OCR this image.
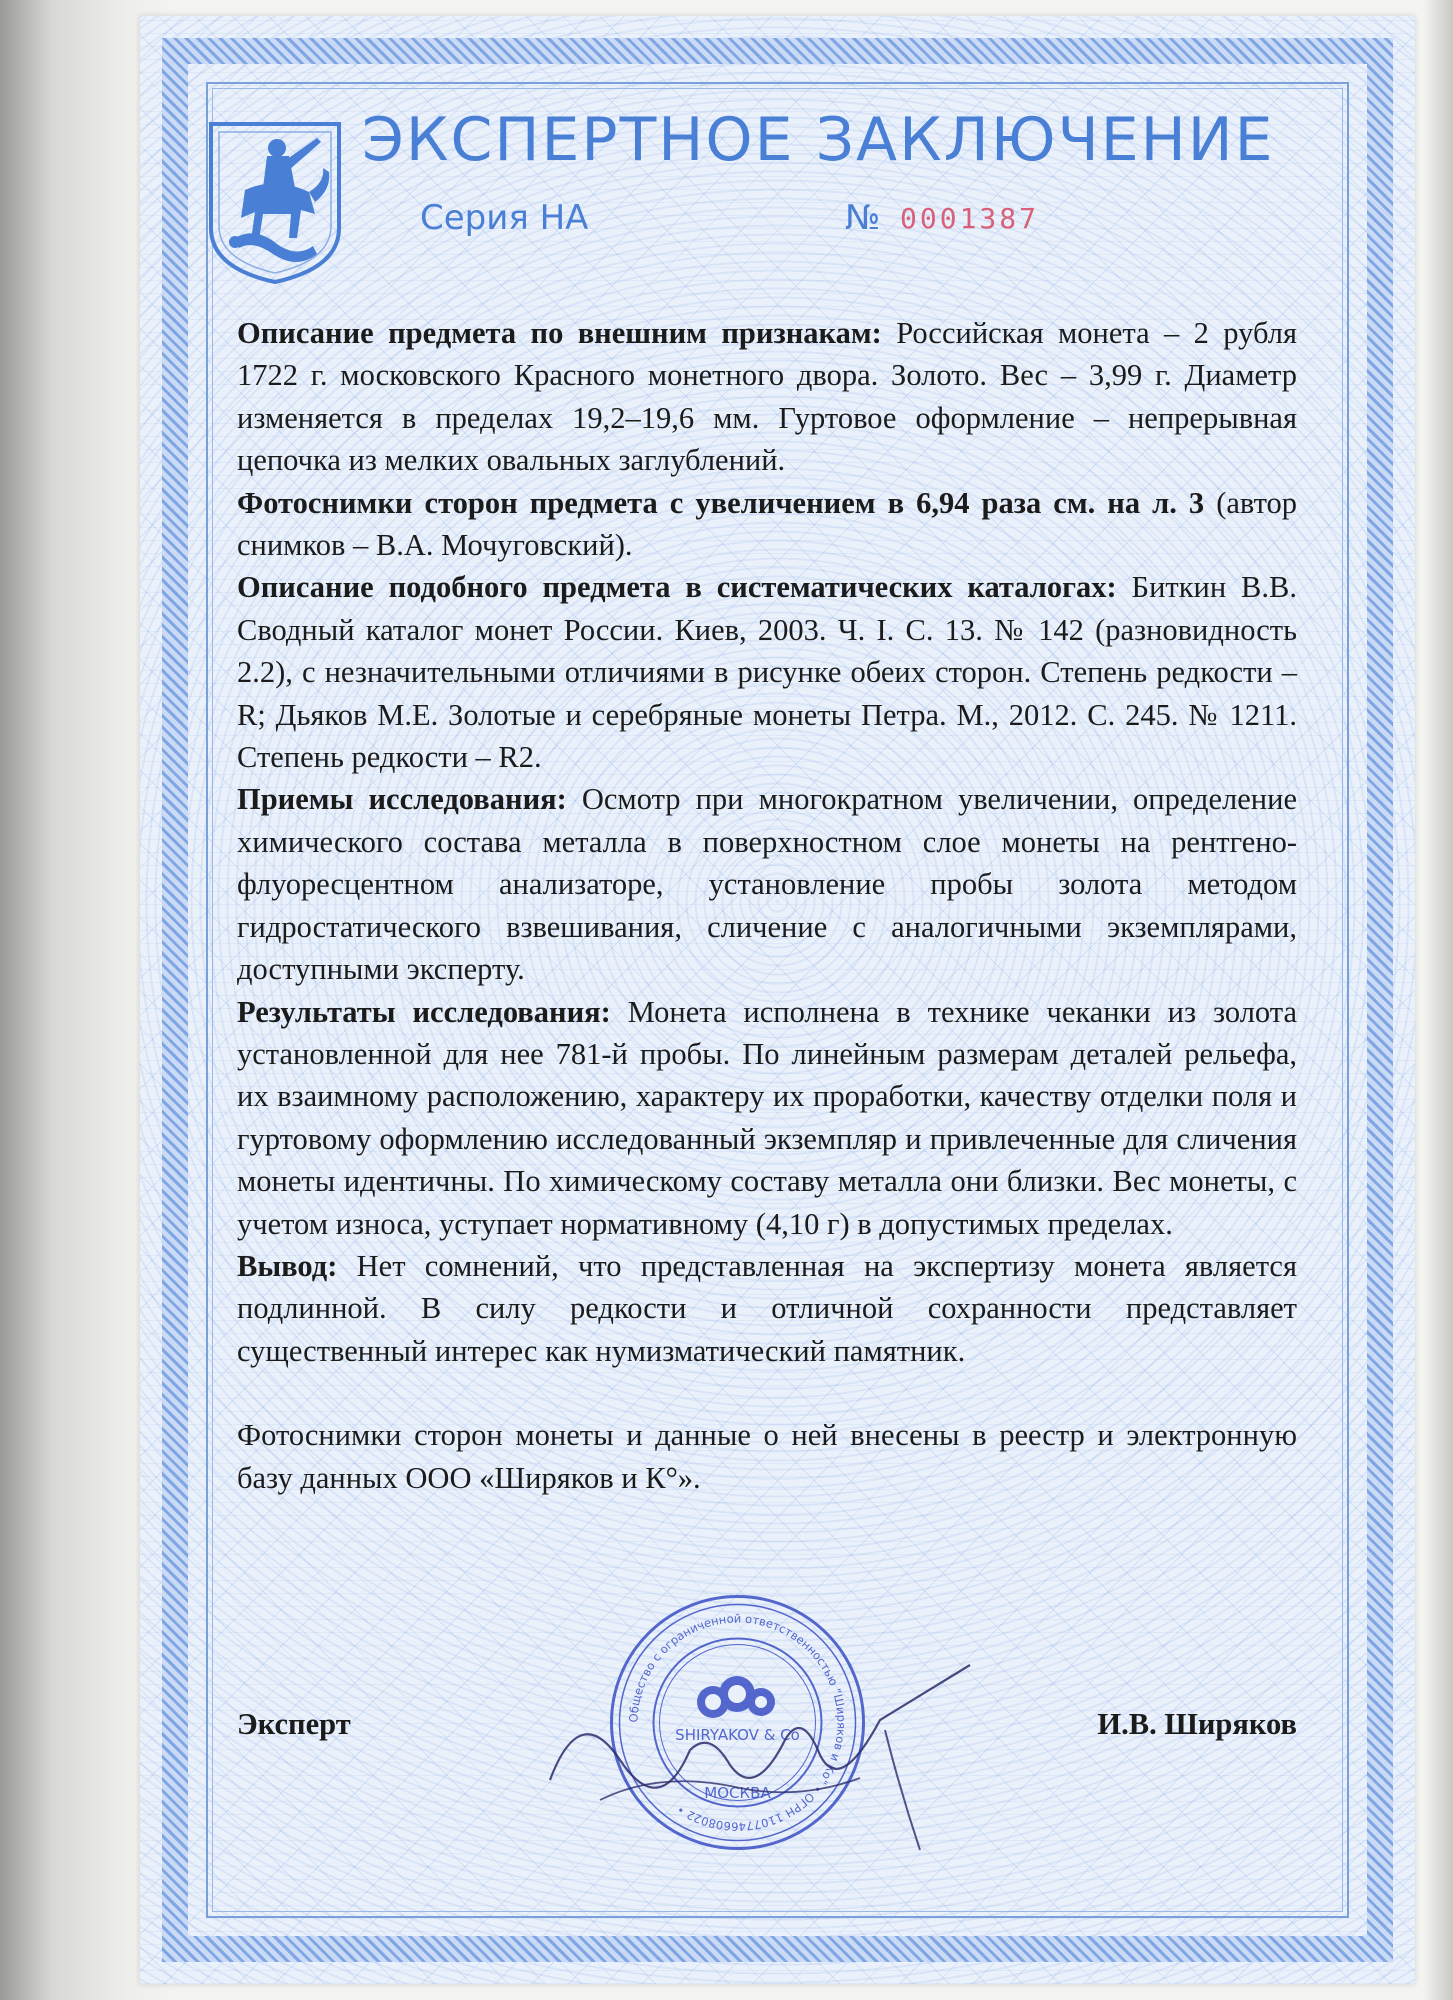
ЭКСПЕРТНОЕ ЗАКЛЮЧЕНИЕ
Серия НА	№ 0001387

Описание предмета по внешним признакам: Российская монета – 2 рубля 1722 г. московского Красного монетного двора. Золото. Вес – 3,99 г. Диаметр изменяется в пределах 19,2–19,6 мм. Гуртовое оформление – непрерывная цепочка из мелких овальных заглублений.

Фотоснимки сторон предмета с увеличением в 6,94 раза см. на л. 3 (автор снимков – В.А. Мочуговский).

Описание подобного предмета в систематических каталогах: Биткин В.В. Сводный каталог монет России. Киев, 2003. Ч. I. С. 13. № 142 (разновидность 2.2), с незначительными отличиями в рисунке обеих сторон. Степень редкости – R; Дьяков М.Е. Золотые и серебряные монеты Петра. М., 2012. С. 245. № 1211. Степень редкости – R2.

Приемы исследования: Осмотр при многократном увеличении, определение химического состава металла в поверхностном слое монеты на рентгено-флуоресцентном анализаторе, установление пробы золота методом гидростатического взвешивания, сличение с аналогичными экземплярами, доступными эксперту.

Результаты исследования: Монета исполнена в технике чеканки из золота установленной для нее 781-й пробы. По линейным размерам деталей рельефа, их взаимному расположению, характеру их проработки, качеству отделки поля и гуртовому оформлению исследованный экземпляр и привлеченные для сличения монеты идентичны. По химическому составу металла они близки. Вес монеты, с учетом износа, уступает нормативному (4,10 г) в допустимых пределах.

Вывод: Нет сомнений, что представленная на экспертизу монета является подлинной. В силу редкости и отличной сохранности представляет существенный интерес как нумизматический памятник.

Фотоснимки сторон монеты и данные о ней внесены в реестр и электронную базу данных ООО «Ширяков и К°».

Общество с ограниченной ответственностью "Ширяков и Ко" • ОГРН 1107746608022 •
МОСКВА
SHIRYAKOV & Co
Эксперт	И.В. Ширяков
